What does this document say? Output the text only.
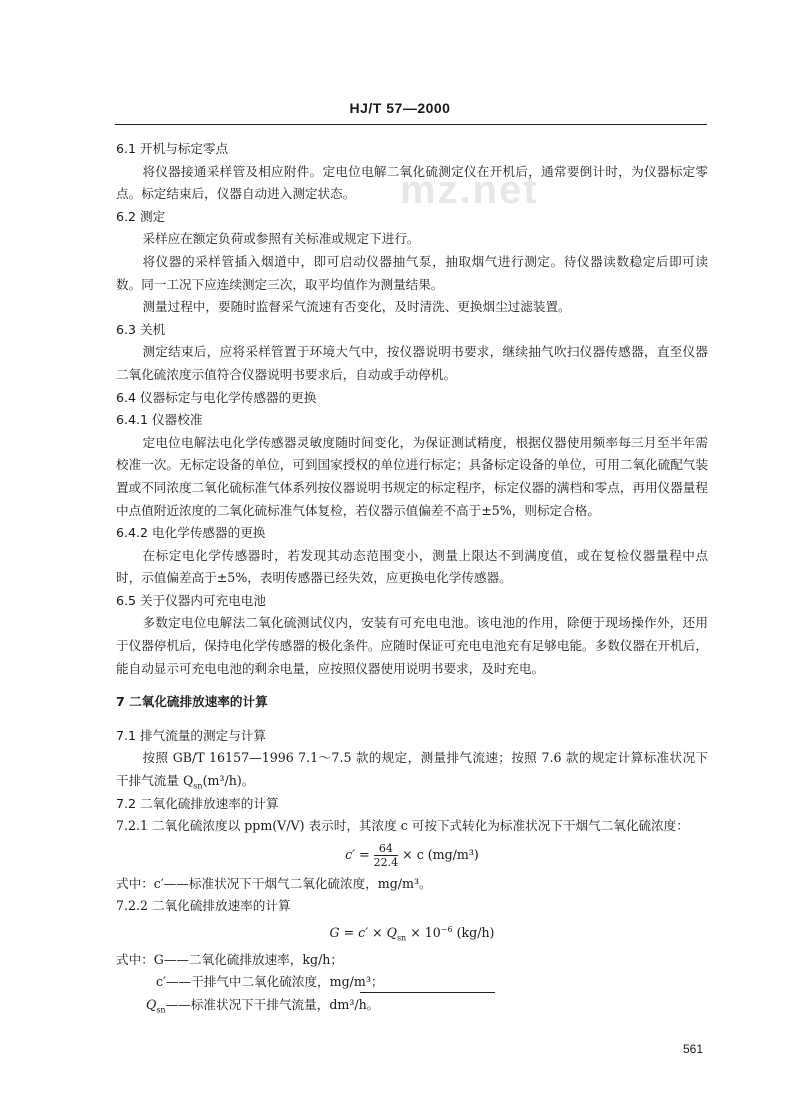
mz.net
HJ/T 57—2000

6.1 开机与标定零点

将仪器接通采样管及相应附件。定电位电解二氧化硫测定仪在开机后，通常要倒计时，为仪器标定零点。标定结束后，仪器自动进入测定状态。

6.2 测定

采样应在额定负荷或参照有关标准或规定下进行。

将仪器的采样管插入烟道中，即可启动仪器抽气泵，抽取烟气进行测定。待仪器读数稳定后即可读数。同一工况下应连续测定三次，取平均值作为测量结果。

测量过程中，要随时监督采气流速有否变化，及时清洗、更换烟尘过滤装置。

6.3 关机

测定结束后，应将采样管置于环境大气中，按仪器说明书要求，继续抽气吹扫仪器传感器，直至仪器二氧化硫浓度示值符合仪器说明书要求后，自动或手动停机。

6.4 仪器标定与电化学传感器的更换

6.4.1 仪器校准

定电位电解法电化学传感器灵敏度随时间变化，为保证测试精度，根据仪器使用频率每三月至半年需校准一次。无标定设备的单位，可到国家授权的单位进行标定；具备标定设备的单位，可用二氧化硫配气装置或不同浓度二氧化硫标准气体系列按仪器说明书规定的标定程序，标定仪器的满档和零点，再用仪器量程中点值附近浓度的二氧化硫标准气体复检，若仪器示值偏差不高于±5%，则标定合格。

6.4.2 电化学传感器的更换

在标定电化学传感器时，若发现其动态范围变小，测量上限达不到满度值，或在复检仪器量程中点时，示值偏差高于±5%，表明传感器已经失效，应更换电化学传感器。

6.5 关于仪器内可充电电池

多数定电位电解法二氧化硫测试仪内，安装有可充电电池。该电池的作用，除便于现场操作外，还用于仪器停机后，保持电化学传感器的极化条件。应随时保证可充电电池充有足够电能。多数仪器在开机后，能自动显示可充电电池的剩余电量，应按照仪器使用说明书要求，及时充电。

7 二氧化硫排放速率的计算

7.1 排气流量的测定与计算

按照 GB/T 16157—1996 7.1～7.5 款的规定，测量排气流速；按照 7.6 款的规定计算标准状况下干排气流量 $Q_{sn}(m^3/h)$。

7.2 二氧化硫排放速率的计算

7.2.1 二氧化硫浓度以 ppm(V/V) 表示时，其浓度 c 可按下式转化为标准状况下干烟气二氧化硫浓度：

$c' = \frac{64}{22.4} \times c$ (mg/m³)

式中：c′——标准状况下干烟气二氧化硫浓度，mg/m³。

7.2.2 二氧化硫排放速率的计算

$G = c' \times Q_{sn} \times 10^{-6}$ (kg/h)

式中：G——二氧化硫排放速率，kg/h；

c′——干排气中二氧化硫浓度，mg/m³；

$Q_{sn}——$标准状况下干排气流量，dm³/h。

561
